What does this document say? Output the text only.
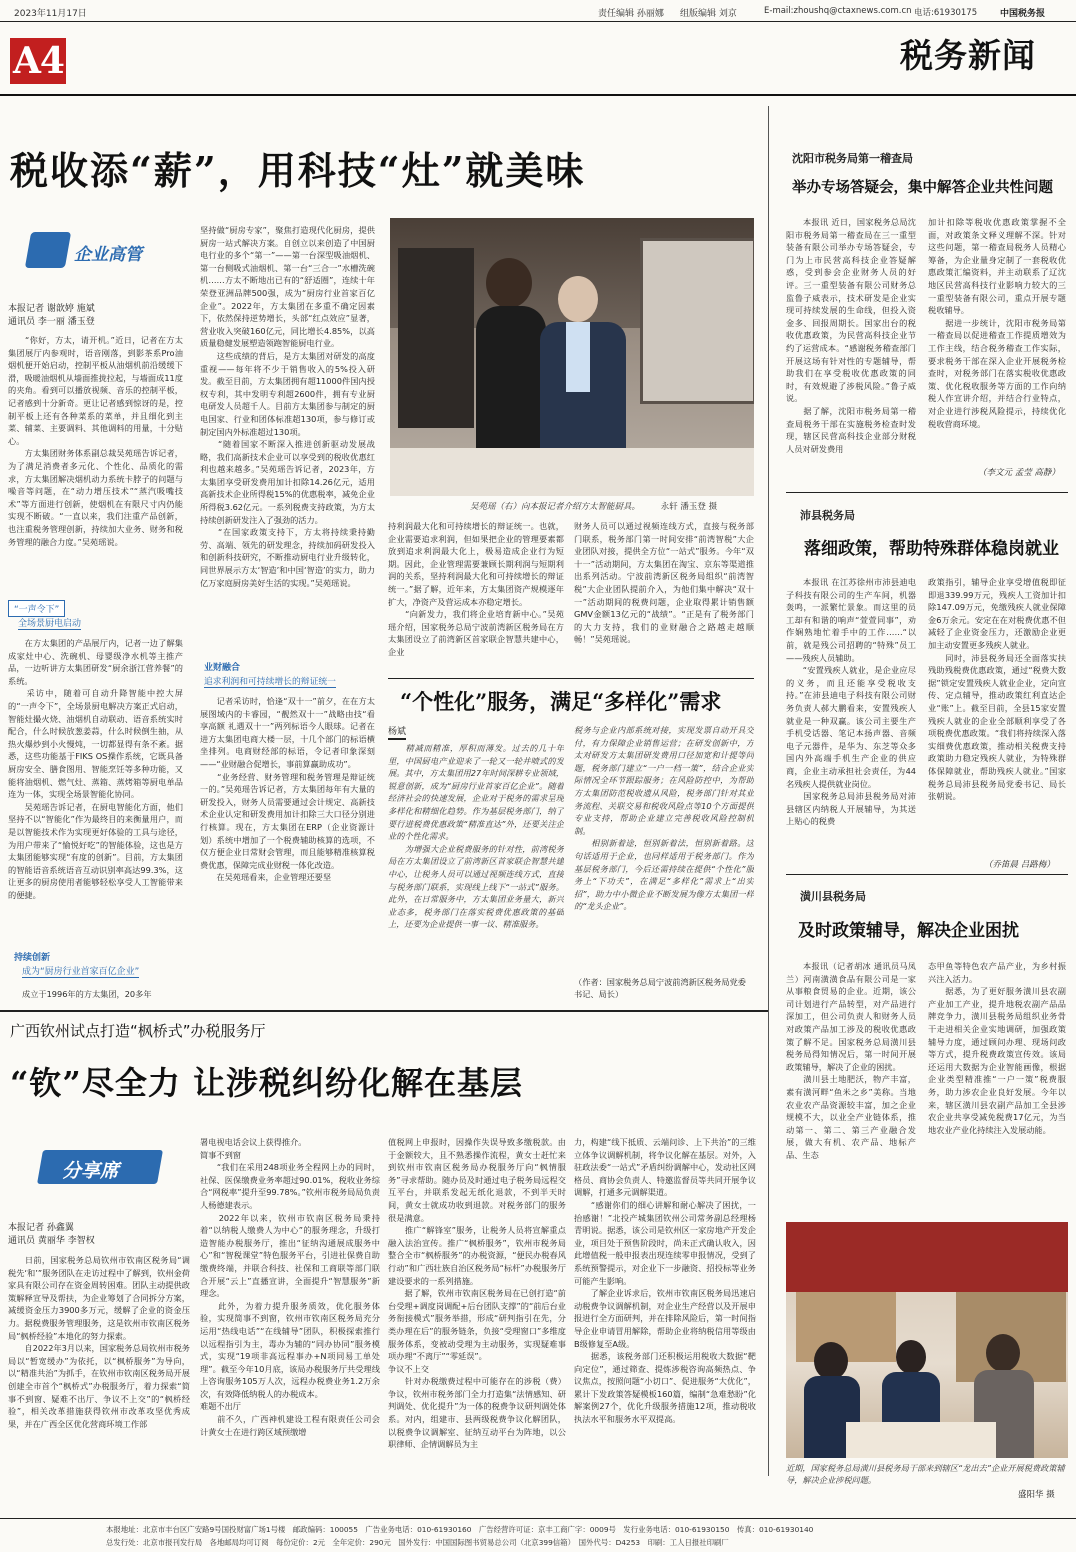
2023年11月17日	责任编辑 孙丽娜 组版编辑 刘京	E-mail:zhoushq@ctaxnews.com.cn 电话:61930175	中国税务报
A4	税务新闻
税收添“薪”，用科技“灶”就美味
企业高管
本报记者 谢歆婷 施斌
通讯员 李一丽 潘玉登
　　“你好，方太，请开机。”近日，记者在方太集团展厅内参观时，语音刚落，到影茶系Pro油烟机便开始启动，控制平板从油烟机前沿缓缓下滑，吸暖油烟机从墙面推拢拉起，与墙面成11度的夹角。看到可以播放视频、音乐的控制平板，记者感到十分新奇。更让记者感到惊讶的是，控制平板上还有各种菜系的菜单，并且细化到主菜、辅菜、主要调料、其他调料的用量，十分贴心。
　　方太集团财务体系副总裁吴苑瑶告诉记者，为了满足消费者多元化、个性化、品质化的需求，方太集团解决烟机动力系统卡脖子的问题与噪音等问题，在“动力增压技术”“蒸汽吸嘴技术”等方面进行创新，使烟机在有限尺寸内仍能实现不断破。“一直以来，我们注重产品创新，也注重税务管理创新，持续加大业务、财务和税务管理的融合力度。”吴苑瑶说。
“一声令下”
全场景厨电启动
　　在方太集团的产品展厅内，记者一边了解集成家灶中心、洗碗机、母婴级净水机等主推产品，一边听讲方太集团研发“厨余浙江营养餐”的系统。
　　采访中，随着可自动升降智能中控大屏的“一声令下”，全场景厨电解决方案正式启动，智能灶撮火烧、油烟机自动联动、语音系统实时配合，什么时候放葱姜蒜，什么时候倒生抽，从热火爆炒到小火慢炖，一切都显得有条不紊。据悉，这些功能基于FIKS OS操作系统，它既具备厨房安全、膳食图用、智能烹饪等多种功能，又能将油烟机、燃气灶、蒸箱、蒸烤箱等厨电单品连为一体，实现全场景智能化协同。
　　吴苑瑶告诉记者，在厨电智能化方面，他们坚持不以“智能化”作为最终目的来衡量用户，而是以智能技术作为实现更好体验的工具与途径，为用户带来了“愉悦好吃”的智能体验，这也是方太集团能够实现“有度的创新”。目前，方太集团的智能语音系统语音互动识别率高达99.3%，这让更多的厨房使用者能够轻松享受人工智能带来的便捷。
持续创新
成为“厨房行业首家百亿企业”
成立于1996年的方太集团，20多年
坚持做“厨房专家”，聚焦打造现代化厨房，提供厨房一站式解决方案。自创立以来创造了中国厨电行业的多个“第一”——第一台深型吸油烟机、第一台侧吸式油烟机、第一台“三合一”水槽洗碗机……方太不断地出已有的“舒适圈”，连续十年荣登亚洲品牌500强，成为“厨房行业首家百亿企业”。2022年，方太集团在多重不确定因素下，依然保持逆势增长，头部“红点效应”显著，营业收入突破160亿元，同比增长4.85%，以高质量稳健发展塑造领跑智能厨电行业。
　　这些成绩的背后，是方太集团对研发的高度重视——每年将不少于销售收入的5%投入研发。截至目前，方太集团拥有超11000件国内授权专利，其中发明专利超2600件，拥有专业厨电研发人员超千人。目前方太集团参与制定的厨电国家、行业和团体标准超130项，参与修订或制定国内外标准超过130项。
　　“随着国家不断深入推进创新驱动发展战略，我们高新技术企业可以享受到的税收优惠红利也越来越多。”吴苑瑶告诉记者，2023年，方太集团享受研发费用加计扣除14.26亿元，适用高新技术企业所得税15%的优惠税率，减免企业所得税3.62亿元。一系列税费支持政策，为方太持续创新研发注入了强劲的活力。
　　“在国家政策支持下，方太将持续秉持勤劳、高端、领先的研发理念，持续加码研发投入和创新科技研究，不断推动厨电行业升级转化，同世界展示方太‘智造’和中国‘智造’的实力，助力亿万家庭厨房美好生活的实现。”吴苑瑶说。
吴苑瑶（右）向本报记者介绍方太智能厨具。 永轩 潘玉登 摄
业财融合
追求利润和可持续增长的辩证统一
　　记者采访时，恰逢“双十一”前夕，在在方太展图域内的卡睿园，“靓然双十一”战略由技“看享高额 礼遇双十一”两列标语今人眼球。记者在进方太集团电商大楼一层，十几个部门的标语横坐排列。电商财经部的标语，令记者印象深刻——“业财融合促增长，事前算赢助成功”。
　　“业务经营、财务管理和税务管理是辩证统一的。”吴苑瑶告诉记者，方太集团每年有大量的研发投入，财务人员需要通过会计规定、高新技术企业认定和研发费用加计扣除三大口径分别进行核算。现在，方太集团在ERP（企业资源计划）系统中增加了一个税费辅助核算的选项，不仅方便企业日常财会管理，而且能够精准核算税费优惠，保障完成业财税一体化改造。
　　在吴苑瑶看来，企业管理还要坚
持利润最大化和可持续增长的辩证统一。也就，企业需要追求利润，但如果把企业的管理要素都放到追求利润最大化上，极易造成企业行为短期。因此，企业管理需要兼顾长期利润与短期利润的关系，坚持利润最大化和可持续增长的辩证统一。”据了解，近年来，方太集团资产规模逐年扩大，净资产及营运成本亦稳定增长。
　　“向新发力，我们将企业培育新中心。”吴苑瑶介绍，国家税务总局宁波前湾新区税务局在方太集团设立了前湾新区首家联企智慧共建中心，企业
财务人员可以通过视频连线方式，直接与税务部门联系，税务部门第一时间安排“前湾智税”大企业团队对接，提供全方位“一站式”服务。今年“双十一”活动期间，方太集团在淘宝、京东等渠道推出系列活动。宁波前湾新区税务局组织“前湾智税”大企业团队提前介入，为他们集中解决“双十一”活动期间的税费问题，企业取得累计销售额GMV金额13亿元的“战绩”。“正是有了税务部门的大力支持，我们的业财融合之路越走越顺畅！”吴苑瑶说。
“个性化”服务，满足“多样化”需求
杨斌
　　精减而精准，厚积而薄发。过去的几十年里，中国厨电产业迎来了一轮又一轮井喷式的发展。其中，方太集团用27年时间深耕专业领域，锐意创新，成为“厨房行业首家百亿企业”。随着经济社会的快速发展，企业对于税务的需求呈现多样化和精细化趋势。作为基层税务部门，纳了要行进税费优惠政策“精准直达”外，还要关注企业的个性化需求。
　　为增强大企业税费服务的针对性，前湾税务局在方太集团设立了前湾新区首家联企智慧共建中心，让税务人员可以通过视频连线方式，直接与税务部门联系，实现线上线下“一站式”服务。此外，在日常服务中，方太集团业务量大，新兴业态多，税务部门在落实税费优惠政策的基础上，还要为企业提供一事一议、精准服务。
税务与企业内部系统对接，实现发票自动开具交付，有力保障企业销售运营；在研发创新中，方太对研发方太集团研发费用口径加宽和计提等问题，税务部门建立“一户一档一策”，结合企业实际情况全环节跟踪服务；在风险防控中，为帮助方太集团防范税收遗从风险，税务部门针对其业务流程、关联交易和税收风险点等10个方面提供专业支持，帮助企业建立完善税收风险控制机制。
　　相别新着途，恒别新着法，恒别新着路。这句话适用于企业，也同样适用于税务部门。作为基层税务部门，今后还需持续在提供“个性化”服务上“下功夫”，在满足“多样化”需求上“出实招”，助力中小微企业不断发展为像方太集团一样的“龙头企业”。
（作者：国家税务总局宁波前湾新区税务局党委书记、局长）
沈阳市税务局第一稽查局
举办专场答疑会，集中解答企业共性问题
　　本报讯 近日，国家税务总局沈阳市税务局第一稽查局在三一重型装备有限公司举办专场答疑会，专门为上市民营高科技企业答疑解惑，受到参会企业财务人员的好评。三一重型装备有限公司财务总监鲁子威表示，技术研发是企业实现可持续发展的生命线，但投入资金多、回报周期长。国家出台的税收优惠政策，为民营高科技企业节约了运营成本。“感谢税务稽查部门开展这场有针对性的专题辅导，帮助我们在享受税收优惠政策的同时，有效规避了涉税风险。”鲁子威说。
　　据了解，沈阳市税务局第一稽查局税务干部在实施税务检查时发现，辖区民营高科技企业部分财税人员对研发费用
加计扣除等税收优惠政策掌握不全面，对政策条文释义理解不深。针对这些问题，第一稽查局税务人员精心筹备，为企业量身定制了一套税收优惠政策汇编资料，并主动联系了辽沈地区民营高科技行业影响力较大的三一重型装备有限公司，重点开展专题税收辅导。
　　据进一步统计，沈阳市税务局第一稽查局以促进稽查工作提质增效为工作主线，结合税务稽查工作实际，要求税务干部在深入企业开展税务检查时，对税务部门在落实税收优惠政策、优化税收服务等方面的工作向纳税人作宣讲介绍，并结合行业特点，对企业进行涉税风险提示，持续优化税收营商环境。
（李文元 孟莹 高静）
沛县税务局
落细政策，帮助特殊群体稳岗就业
　　本报讯 在江苏徐州市沛县迪电子科技有限公司的生产车间，机器轰鸣，一派繁忙景象。而这里的员工却有和谐的响声“萱萱同事”，劝作娴熟地忙着手中的工作……“以前，就是残公司招聘的“特殊”员工——残疾人员辅助。
　　“安置残疾人就业，是企业应尽的义务，而且还能享受税收支持。”在沛县迪电子科技有限公司财务负责人郝大鹏看来，安置残疾人就业是一种双赢。该公司主要生产手机受话器、笔记本扬声器、音频电子元器件，是华为、东芝等众多国内外高端手机生产企业的供应商，企业主动承担社会责任，为44名残疾人提供就业岗位。
　　国家税务总局沛县税务局对沛县辖区内纳税人开展辅导，为其送上贴心的税费
政策指引，辅导企业享受增值税即征即退339.99万元，残疾人工资加计扣除147.09万元，免缴残疾人就业保障金6万余元。安定在在对税费优惠不但减轻了企业资金压力，还激励企业更加主动安置更多残疾人就业。
　　同时，沛县税务局还全面落实扶残助残税费优惠政策，通过“税费大数据”锁定安置残疾人就业企业，定向宣传、定点辅导，推动政策红利直达企业“账”上。截至目前，全县15家安置残疾人就业的企业全部顺利享受了各项税费优惠政策。“我们将持续深入落实细费优惠政策，推动相关税费支持政策助力稳定残疾人就业，为特殊群体保障就业，帮助残疾人就业。”国家税务总局沛县税务局党委书记、局长张朝说。
（乔笛晨 吕路梅）
潢川县税务局
及时政策辅导，解决企业困扰
　　本报讯（记者胡冰 通讯员马凤兰）河南潢潢食品有限公司是一家从事粮食贸易的企业。近期，该公司计划进行产品转型，对产品进行深加工，但公司负责人和财务人员对政策产品加工涉及的税收优惠政策了解不足。国家税务总局潢川县税务局得知情况后，第一时间开展政策辅导，解决了企业的困扰。
　　潢川县土地肥沃，物产丰富，素有潢河畔“鱼米之乡”美称。当地农业农产品资源较丰富，加之企业规模不大，以业全产业链体系，推动第一、第二、第三产业融合发展，做大有机、农产品、地标产品、生态
态甲鱼等特色农产品产业，为乡村振兴注入活力。
　　据悉，为了更好服务潢川县农副产业加工产业，提升地税农副产品品牌竞争力，潢川县税务局组织业务骨干走进相关企业实地调研，加强政策辅导力度，通过顾问办理、现场问政等方式，提升税费政策宣传效。该局还运用大数据为企业智能画像，根据企业类型精准推“一户一策”税费服务，助力涉农企业良好发展。今年以来，辖区潢川县农副产品加工全县涉农企业共享受减免税费17亿元，为当地农业产业化持续注入发展动能。
近期，国家税务总局潢川县税务局干部来到辖区“龙出去”企业开展税费政策辅导，解决企业涉税问题。
盛阳华 摄
广西钦州试点打造“枫桥式”办税服务厅
“钦”尽全力 让涉税纠纷化解在基层
分享席
本报记者 孙鑫翼
通讯员 黄丽华 李智权
　　日前，国家税务总局钦州市钦南区税务局“调税先‘和’”服务团队在走访过程中了解到，钦州金荷家具有限公司存在资金周转困难。团队主动提供政策解释宣导及帮扶，为企业筹划了合同拆分方案，减缓资金压力3900多万元，缓解了企业的资金压力。据税费服务管理服务，这是钦州市钦南区税务局“枫桥经验”本地化的努力探索。
　　自2022年3月以来，国家税务总局钦州市税务局以“暂宽缓办”为依托，以“枫桥服务”为导向，以“精准共治”为抓手，在钦州市钦南区税务局开展创建全市首个“枫桥式”办税服务厅，着力探索“简事不到窗、疑难不出厅、争议不上交”的“枫桥经验”，相关改革措施获得钦州市改革攻坚优秀成果，并在广西全区优化营商环境工作部
署电视电话会议上获得推介。
简事不到窗
　　“我们在采用248项业务全程网上办的同时，社保、医保缴费业务率超过90.01%，税收业务综合“网税率”提升至99.78%。”钦州市税务局局负责人杨德建表示。
　　2022年以来，钦州市钦南区税务局秉持着“以纳税人缴费人为中心”的服务理念，升级打造智能办税服务厅，推出“征纳沟通展成服务中心”和“智税课堂”特色服务平台，引进社保费自助缴费终端，并联合科技、社保和工商联等部门联合开展“云上”直播宣讲，全面提升“智慧服务”新理念。
　　此外，为着力提升服务质效，优化服务体验，实现简事不到窗，钦州市钦南区税务局充分运用“热线电话”“在线辅导”团队，积极探索推行以远程指引为主，毒办为辅的“同办协同”服务模式，实现“19项非高远程事办+N项同易工单处理”。截至今年10月底，该局办税服务厅共受理线上咨询服务105万人次，远程办税费业务1.2万余次，有效降低纳税人的办税成本。
难题不出厅
　　前不久，广西神机建设工程有限责任公司会计黄女士在进行跨区域预缴增
值税网上申报时，因操作失误导致多缴税款。由于金额较大，且不熟悉操作流程，黄女士赶忙来到钦州市钦南区税务局办税服务厅向“枫情服务”寻求帮助。随办员及时通过电子税务局远程交互平台，并联系发起无纸化退款，不到半天时间，黄女士就成功收到退款。对税务部门的服务很是满意。
　　推广“解锋室”服务，让税务人员将宣解重点融入法治宣传。推广“枫桥服务”，钦州市税务局整合全市“枫桥服务”的办税资源，“便民办税春风行动”和广西壮族自治区税务局“标杆”办税服务厅建设要求的一系列措施。
　　据了解，钦州市钦南区税务局在已创打造“前台受理+调度岗调配+后台团队支撑”的“前后台业务衔接模式”服务举措，形成“研判指引在先，分类办理在后”的服务链条，负接“受理窗口”多维度服务体系，变被动受理为主动服务，实现疑难事项办理“不离厅”“零延误”。
争议不上交
　　针对办税缴费过程中可能存在的涉税（费）争议，钦州市税务部门全力打造集“法情感知、研判调处、优化提升”为一体的税费争议研判调处体系。对内，组建市、县两级税费争议化解团队，以税费争议调解室、征纳互动平台为阵地，以公职律师、企情调解员为主
力，构建“线下抵质、云端问诊、上下共治”的三维立体争议调解机制，将争议化解在基层。对外，入驻政法委“一站式”矛盾纠纷调解中心，发动社区网格员、商协会负责人、特邀监督员等共同开展争议调解，打通多元调解渠道。
　　“感谢你们的细心讲解和耐心解决了困扰，一抬感谢！”北投产城集团钦州公司常务副总经理杨青明说。据悉，该公司是钦州区一家房地产开发企业，项目处于预售阶段时，尚未正式确认收入，因此增值税一般申报表出现连续零申报情况，受到了系统预警提示，对企业下一步融资、招投标等业务可能产生影响。
　　了解企业诉求后，钦州市钦南区税务局迅速启动税费争议调解机制，对企业生产经营以及开展申报进行全方面研判，并在排除风险后，第一时间指导企业申请冒用解除，帮助企业将纳税信用等级由B级修复至A级。
　　据悉，该税务部门还积极运用税收大数据“靶向定位”，通过筛查、提炼涉税咨询高频热点、争议焦点，按照问题“小切口”、促进服务“大优化”，累计下发政策答疑模板160篇，编制“急难愁盼”化解案例27个，优化升级服务措施12项，推动税收执法水平和服务水平双提高。
本报地址：北京市丰台区广安路9号国投财富广场1号楼　邮政编码：100055　广告业务电话：010-61930160　广告经营许可证：京丰工商广字：0009号　发行业务电话：010-61930150　传真：010-61930140
总发行处：北京市报刊发行局　各地邮局均可订阅　每份定价：2元　全年定价：290元　国外发行：中国国际图书贸易总公司（北京399信箱）　国外代号：D4253　印刷：工人日报社印刷厂
